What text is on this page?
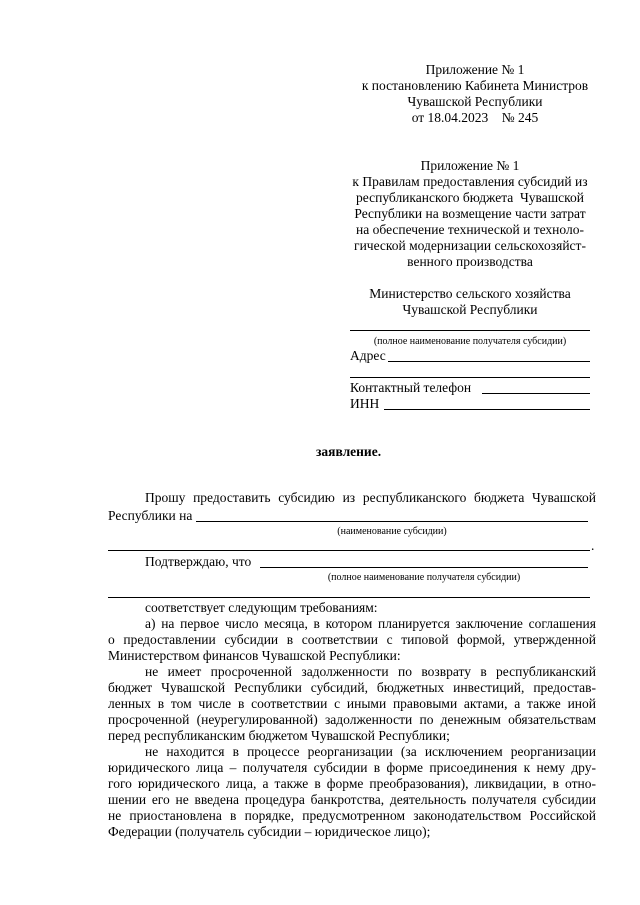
Приложение № 1
к постановлению Кабинета Министров
Чувашской Республики
от 18.04.2023    № 245
Приложение № 1
к Правилам предоставления субсидий из
республиканского бюджета  Чувашской
Республики на возмещение части затрат
на обеспечение технической и техноло-
гической модернизации сельскохозяйст-
венного производства
Министерство сельского хозяйства
Чувашской Республики
(полное наименование получателя субсидии)
Адрес
Контактный телефон
ИНН
заявление.
Прошу предоставить субсидию из республиканского бюджета Чувашской
Республики на
(наименование субсидии)
.
Подтверждаю, что
(полное наименование получателя субсидии)
соответствует следующим требованиям:
а) на первое число месяца, в котором планируется заключение соглашения
о предоставлении субсидии в соответствии с типовой формой, утвержденной
Министерством финансов Чувашской Республики:
не имеет просроченной задолженности по возврату в республиканский
бюджет Чувашской Республики субсидий, бюджетных инвестиций, предостав-
ленных в том числе в соответствии с иными правовыми актами, а также иной
просроченной (неурегулированной) задолженности по денежным обязательствам
перед республиканским бюджетом Чувашской Республики;
не находится в процессе реорганизации (за исключением реорганизации
юридического лица – получателя субсидии в форме присоединения к нему дру-
гого юридического лица, а также в форме преобразования), ликвидации, в отно-
шении его не введена процедура банкротства, деятельность получателя субсидии
не приостановлена в порядке, предусмотренном законодательством Российской
Федерации (получатель субсидии – юридическое лицо);
